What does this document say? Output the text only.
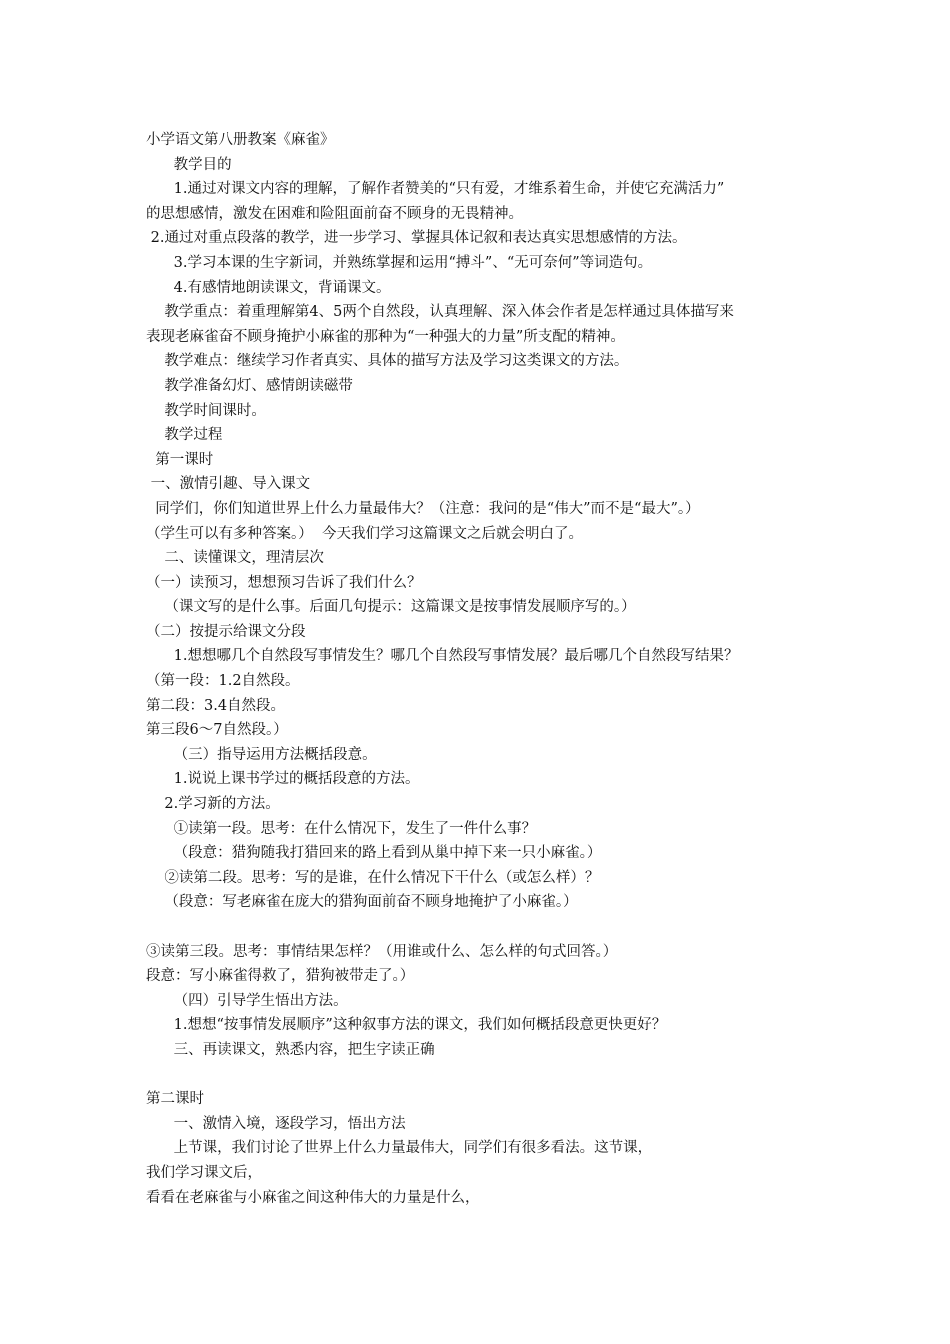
小学语文第八册教案《麻雀》
教学目的
1.通过对课文内容的理解，了解作者赞美的“只有爱，才维系着生命，并使它充满活力”
的思想感情，激发在困难和险阻面前奋不顾身的无畏精神。
2.通过对重点段落的教学，进一步学习、掌握具体记叙和表达真实思想感情的方法。
3.学习本课的生字新词，并熟练掌握和运用“搏斗”、“无可奈何”等词造句。
4.有感情地朗读课文，背诵课文。
教学重点：着重理解第4、5两个自然段，认真理解、深入体会作者是怎样通过具体描写来
表现老麻雀奋不顾身掩护小麻雀的那种为“一种强大的力量”所支配的精神。
教学难点：继续学习作者真实、具体的描写方法及学习这类课文的方法。
教学准备幻灯、感情朗读磁带
教学时间课时。
教学过程
第一课时
一、激情引趣、导入课文
同学们，你们知道世界上什么力量最伟大？（注意：我问的是“伟大”而不是“最大”。）
（学生可以有多种答案。）  今天我们学习这篇课文之后就会明白了。
二、读懂课文，理清层次
（一）读预习，想想预习告诉了我们什么？
（课文写的是什么事。后面几句提示：这篇课文是按事情发展顺序写的。）
（二）按提示给课文分段
1.想想哪几个自然段写事情发生？哪几个自然段写事情发展？最后哪几个自然段写结果？
（第一段：1.2自然段。
第二段：3.4自然段。
第三段6～7自然段。）
（三）指导运用方法概括段意。
1.说说上课书学过的概括段意的方法。
2.学习新的方法。
①读第一段。思考：在什么情况下，发生了一件什么事？
（段意：猎狗随我打猎回来的路上看到从巢中掉下来一只小麻雀。）
②读第二段。思考：写的是谁，在什么情况下干什么（或怎么样）？
（段意：写老麻雀在庞大的猎狗面前奋不顾身地掩护了小麻雀。）
③读第三段。思考：事情结果怎样？（用谁或什么、怎么样的句式回答。）
段意：写小麻雀得救了，猎狗被带走了。）
（四）引导学生悟出方法。
1.想想“按事情发展顺序”这种叙事方法的课文，我们如何概括段意更快更好？
三、再读课文，熟悉内容，把生字读正确
第二课时
一、激情入境，逐段学习，悟出方法
上节课，我们讨论了世界上什么力量最伟大，同学们有很多看法。这节课，
我们学习课文后，
看看在老麻雀与小麻雀之间这种伟大的力量是什么，
